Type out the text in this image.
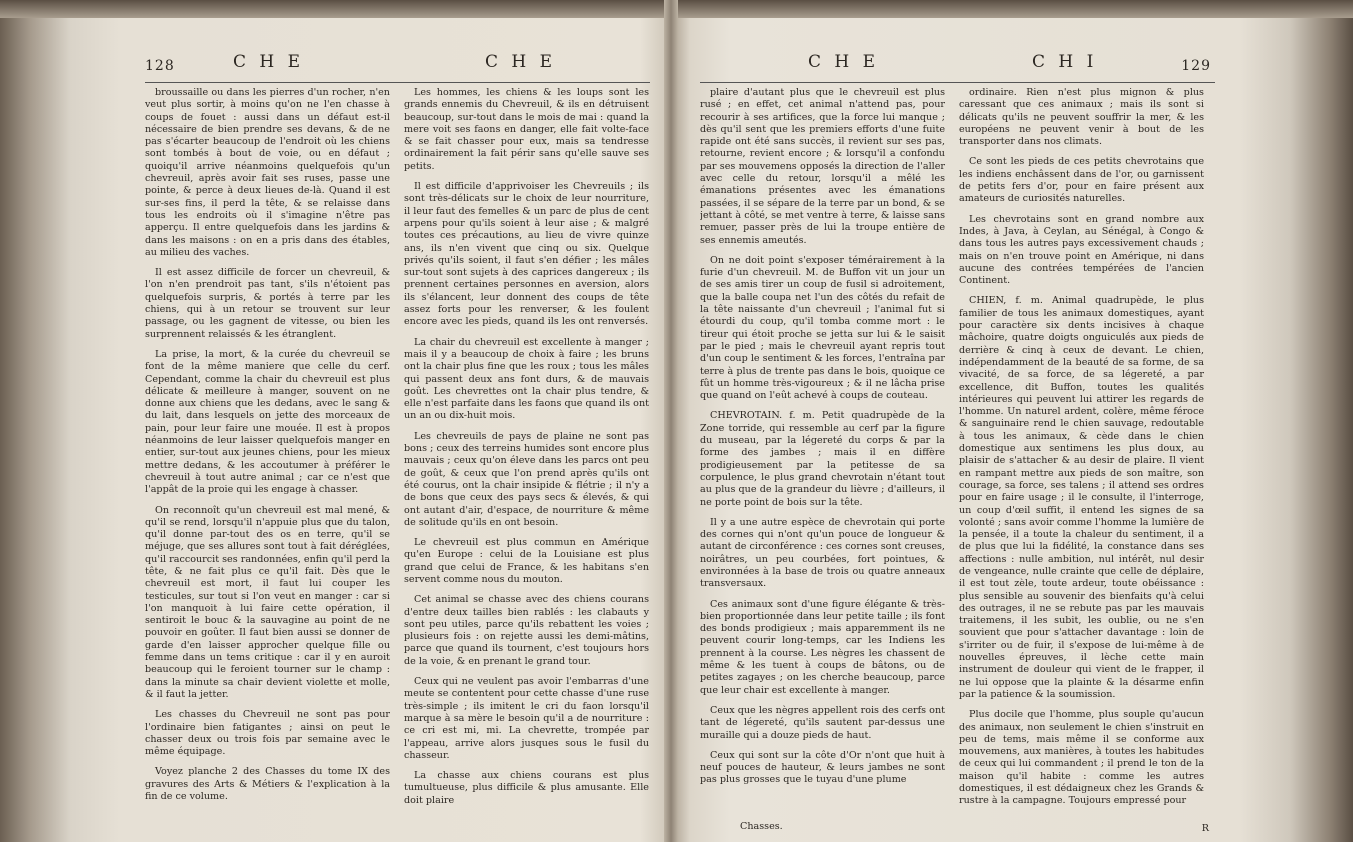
128	C H E	C H E

broussaille ou dans les pierres d'un rocher, n'en veut plus sortir, à moins qu'on ne l'en chasse à coups de fouet : aussi dans un défaut est-il nécessaire de bien prendre ses devans, & de ne pas s'écarter beaucoup de l'endroit où les chiens sont tombés à bout de voie, ou en défaut ; quoiqu'il arrive néanmoins quelquefois qu'un chevreuil, après avoir fait ses ruses, passe une pointe, & perce à deux lieues de-là. Quand il est sur-ses fins, il perd la tête, & se relaisse dans tous les endroits où il s'imagine n'être pas apperçu. Il entre quelquefois dans les jardins & dans les maisons : on en a pris dans des étables, au milieu des vaches.

Il est assez difficile de forcer un chevreuil, & l'on n'en prendroit pas tant, s'ils n'étoient pas quelquefois surpris, & portés à terre par les chiens, qui à un retour se trouvent sur leur passage, ou les gagnent de vitesse, ou bien les surprennent relaissés & les étranglent.

La prise, la mort, & la curée du chevreuil se font de la même maniere que celle du cerf. Cependant, comme la chair du chevreuil est plus délicate & meilleure à manger, souvent on ne donne aux chiens que les dedans, avec le sang & du lait, dans lesquels on jette des morceaux de pain, pour leur faire une mouée. Il est à propos néanmoins de leur laisser quelquefois manger en entier, sur-tout aux jeunes chiens, pour les mieux mettre dedans, & les accoutumer à préférer le chevreuil à tout autre animal ; car ce n'est que l'appât de la proie qui les engage à chasser.

On reconnoît qu'un chevreuil est mal mené, & qu'il se rend, lorsqu'il n'appuie plus que du talon, qu'il donne par-tout des os en terre, qu'il se méjuge, que ses allures sont tout à fait déréglées, qu'il raccourcit ses randonnées, enfin qu'il perd la tête, & ne fait plus ce qu'il fait. Dès que le chevreuil est mort, il faut lui couper les testicules, sur tout si l'on veut en manger : car si l'on manquoit à lui faire cette opération, il sentiroit le bouc & la sauvagine au point de ne pouvoir en goûter. Il faut bien aussi se donner de garde d'en laisser approcher quelque fille ou femme dans un tems critique : car il y en auroit beaucoup qui le feroient tourner sur le champ : dans la minute sa chair devient violette et molle, & il faut la jetter.

Les chasses du Chevreuil ne sont pas pour l'ordinaire bien fatigantes ; ainsi on peut le chasser deux ou trois fois par semaine avec le même équipage.

Voyez planche 2 des Chasses du tome IX des gravures des Arts & Métiers & l'explication à la fin de ce volume.

Les hommes, les chiens & les loups sont les grands ennemis du Chevreuil, & ils en détruisent beaucoup, sur-tout dans le mois de mai : quand la mere voit ses faons en danger, elle fait volte-face & se fait chasser pour eux, mais sa tendresse ordinairement la fait périr sans qu'elle sauve ses petits.

Il est difficile d'apprivoiser les Chevreuils ; ils sont très-délicats sur le choix de leur nourriture, il leur faut des femelles & un parc de plus de cent arpens pour qu'ils soient à leur aise ; & malgré toutes ces précautions, au lieu de vivre quinze ans, ils n'en vivent que cinq ou six. Quelque privés qu'ils soient, il faut s'en défier ; les mâles sur-tout sont sujets à des caprices dangereux ; ils prennent certaines personnes en aversion, alors ils s'élancent, leur donnent des coups de tête assez forts pour les renverser, & les foulent encore avec les pieds, quand ils les ont renversés.

La chair du chevreuil est excellente à manger ; mais il y a beaucoup de choix à faire ; les bruns ont la chair plus fine que les roux ; tous les mâles qui passent deux ans font durs, & de mauvais goût. Les chevrettes ont la chair plus tendre, & elle n'est parfaite dans les faons que quand ils ont un an ou dix-huit mois.

Les chevreuils de pays de plaine ne sont pas bons ; ceux des terreins humides sont encore plus mauvais ; ceux qu'on éleve dans les parcs ont peu de goût, & ceux que l'on prend après qu'ils ont été courus, ont la chair insipide & flétrie ; il n'y a de bons que ceux des pays secs & élevés, & qui ont autant d'air, d'espace, de nourriture & même de solitude qu'ils en ont besoin.

Le chevreuil est plus commun en Amérique qu'en Europe : celui de la Louisiane est plus grand que celui de France, & les habitans s'en servent comme nous du mouton.

Cet animal se chasse avec des chiens courans d'entre deux tailles bien rablés : les clabauts y sont peu utiles, parce qu'ils rebattent les voies ; plusieurs fois : on rejette aussi les demi-mâtins, parce que quand ils tournent, c'est toujours hors de la voie, & en prenant le grand tour.

Ceux qui ne veulent pas avoir l'embarras d'une meute se contentent pour cette chasse d'une ruse très-simple ; ils imitent le cri du faon lorsqu'il marque à sa mère le besoin qu'il a de nourriture : ce cri est mi, mi. La chevrette, trompée par l'appeau, arrive alors jusques sous le fusil du chasseur.

La chasse aux chiens courans est plus tumultueuse, plus difficile & plus amusante. Elle doit plaire

C H E	C H I	129

plaire d'autant plus que le chevreuil est plus rusé ; en effet, cet animal n'attend pas, pour recourir à ses artifices, que la force lui manque ; dès qu'il sent que les premiers efforts d'une fuite rapide ont été sans succès, il revient sur ses pas, retourne, revient encore ; & lorsqu'il a confondu par ses mouvemens opposés la direction de l'aller avec celle du retour, lorsqu'il a mêlé les émanations présentes avec les émanations passées, il se sépare de la terre par un bond, & se jettant à côté, se met ventre à terre, & laisse sans remuer, passer près de lui la troupe entière de ses ennemis ameutés.

On ne doit point s'exposer témérairement à la furie d'un chevreuil. M. de Buffon vit un jour un de ses amis tirer un coup de fusil si adroitement, que la balle coupa net l'un des côtés du refait de la tête naissante d'un chevreuil ; l'animal fut si étourdi du coup, qu'il tomba comme mort : le tireur qui étoit proche se jetta sur lui & le saisit par le pied ; mais le chevreuil ayant repris tout d'un coup le sentiment & les forces, l'entraîna par terre à plus de trente pas dans le bois, quoique ce fût un homme très-vigoureux ; & il ne lâcha prise que quand on l'eût achevé à coups de couteau.

CHEVROTAIN. f. m. Petit quadrupède de la Zone torride, qui ressemble au cerf par la figure du museau, par la légereté du corps & par la forme des jambes ; mais il en diffère prodigieusement par la petitesse de sa corpulence, le plus grand chevrotain n'étant tout au plus que de la grandeur du lièvre ; d'ailleurs, il ne porte point de bois sur la tête.

Il y a une autre espèce de chevrotain qui porte des cornes qui n'ont qu'un pouce de longueur & autant de circonférence : ces cornes sont creuses, noirâtres, un peu courbées, fort pointues, & environnées à la base de trois ou quatre anneaux transversaux.

Ces animaux sont d'une figure élégante & très-bien proportionnée dans leur petite taille ; ils font des bonds prodigieux ; mais apparemment ils ne peuvent courir long-temps, car les Indiens les prennent à la course. Les nègres les chassent de même & les tuent à coups de bâtons, ou de petites zagayes ; on les cherche beaucoup, parce que leur chair est excellente à manger.

Ceux que les nègres appellent rois des cerfs ont tant de légereté, qu'ils sautent par-dessus une muraille qui a douze pieds de haut.

Ceux qui sont sur la côte d'Or n'ont que huit à neuf pouces de hauteur, & leurs jambes ne sont pas plus grosses que le tuyau d'une plume

ordinaire. Rien n'est plus mignon & plus caressant que ces animaux ; mais ils sont si délicats qu'ils ne peuvent souffrir la mer, & les européens ne peuvent venir à bout de les transporter dans nos climats.

Ce sont les pieds de ces petits chevrotains que les indiens enchâssent dans de l'or, ou garnissent de petits fers d'or, pour en faire présent aux amateurs de curiosités naturelles.

Les chevrotains sont en grand nombre aux Indes, à Java, à Ceylan, au Sénégal, à Congo & dans tous les autres pays excessivement chauds ; mais on n'en trouve point en Amérique, ni dans aucune des contrées tempérées de l'ancien Continent.

CHIEN, f. m. Animal quadrupède, le plus familier de tous les animaux domestiques, ayant pour caractère six dents incisives à chaque mâchoire, quatre doigts onguiculés aux pieds de derrière & cinq à ceux de devant. Le chien, indépendamment de la beauté de sa forme, de sa vivacité, de sa force, de sa légereté, a par excellence, dit Buffon, toutes les qualités intérieures qui peuvent lui attirer les regards de l'homme. Un naturel ardent, colère, même féroce & sanguinaire rend le chien sauvage, redoutable à tous les animaux, & cède dans le chien domestique aux sentimens les plus doux, au plaisir de s'attacher & au desir de plaire. Il vient en rampant mettre aux pieds de son maître, son courage, sa force, ses talens ; il attend ses ordres pour en faire usage ; il le consulte, il l'interroge, un coup d'œil suffit, il entend les signes de sa volonté ; sans avoir comme l'homme la lumière de la pensée, il a toute la chaleur du sentiment, il a de plus que lui la fidélité, la constance dans ses affections : nulle ambition, nul intérêt, nul desir de vengeance, nulle crainte que celle de déplaire, il est tout zèle, toute ardeur, toute obéissance : plus sensible au souvenir des bienfaits qu'à celui des outrages, il ne se rebute pas par les mauvais traitemens, il les subit, les oublie, ou ne s'en souvient que pour s'attacher davantage : loin de s'irriter ou de fuir, il s'expose de lui-même à de nouvelles épreuves, il lèche cette main instrument de douleur qui vient de le frapper, il ne lui oppose que la plainte & la désarme enfin par la patience & la soumission.

Plus docile que l'homme, plus souple qu'aucun des animaux, non seulement le chien s'instruit en peu de tems, mais même il se conforme aux mouvemens, aux manières, à toutes les habitudes de ceux qui lui commandent ; il prend le ton de la maison qu'il habite : comme les autres domestiques, il est dédaigneux chez les Grands & rustre à la campagne. Toujours empressé pour

Chasses.	R
